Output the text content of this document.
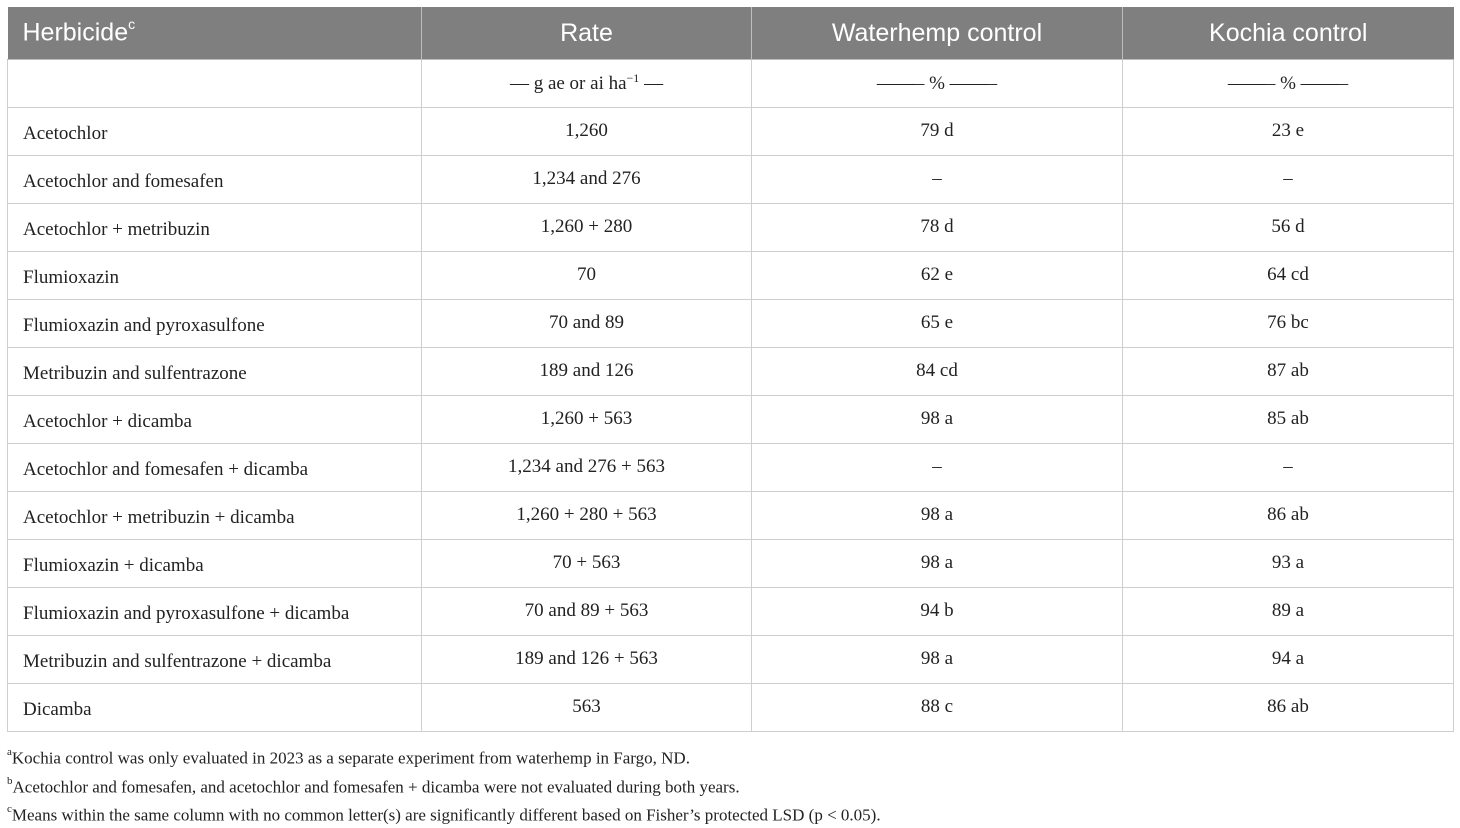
Herbicide$^c$	Rate	Waterhemp control	Kochia control
	— g ae or ai $ha^{-1}$ —	——– % ——–	——– % ——–
Acetochlor	1,260	79 d	23 e
Acetochlor and fomesafen	1,234 and 276	–	–
Acetochlor + metribuzin	1,260 + 280	78 d	56 d
Flumioxazin	70	62 e	64 cd
Flumioxazin and pyroxasulfone	70 and 89	65 e	76 bc
Metribuzin and sulfentrazone	189 and 126	84 cd	87 ab
Acetochlor + dicamba	1,260 + 563	98 a	85 ab
Acetochlor and fomesafen + dicamba	1,234 and 276 + 563	–	–
Acetochlor + metribuzin + dicamba	1,260 + 280 + 563	98 a	86 ab
Flumioxazin + dicamba	70 + 563	98 a	93 a
Flumioxazin and pyroxasulfone + dicamba	70 and 89 + 563	94 b	89 a
Metribuzin and sulfentrazone + dicamba	189 and 126 + 563	98 a	94 a
Dicamba	563	88 c	86 ab
$^a$Kochia control was only evaluated in 2023 as a separate experiment from waterhemp in Fargo, ND.
$^b$Acetochlor and fomesafen, and acetochlor and fomesafen + dicamba were not evaluated during both years.
$^c$Means within the same column with no common letter(s) are significantly different based on Fisher’s protected LSD (p < 0.05).
